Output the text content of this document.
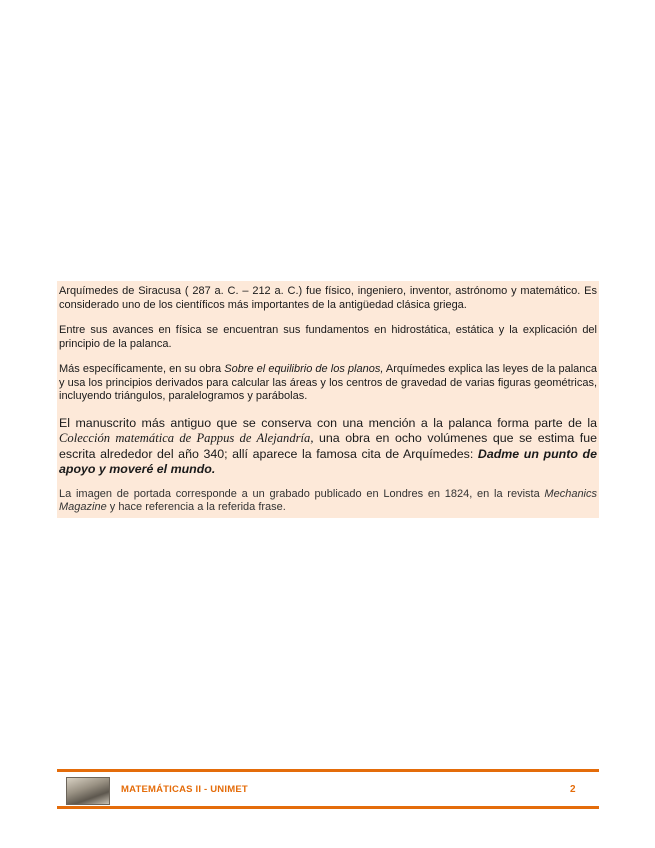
Arquímedes de Siracusa ( 287 a. C. – 212 a. C.) fue físico, ingeniero, inventor, astrónomo y matemático. Es considerado uno de los científicos más importantes de la antigüedad clásica griega.

Entre sus avances en física se encuentran sus fundamentos en hidrostática, estática y la explicación del principio de la palanca.

Más específicamente, en su obra Sobre el equilibrio de los planos, Arquímedes explica las leyes de la palanca y usa los principios derivados para calcular las áreas y los centros de gravedad de varias figuras geométricas, incluyendo triángulos, paralelogramos y parábolas.

El manuscrito más antiguo que se conserva con una mención a la palanca forma parte de la Colección matemática de Pappus de Alejandría, una obra en ocho volúmenes que se estima fue escrita alrededor del año 340; allí aparece la famosa cita de Arquímedes: Dadme un punto de apoyo y moveré el mundo.

La imagen de portada corresponde a un grabado publicado en Londres en 1824, en la revista Mechanics Magazine y hace referencia a la referida frase.

MATEMÁTICAS II - UNIMET	2
